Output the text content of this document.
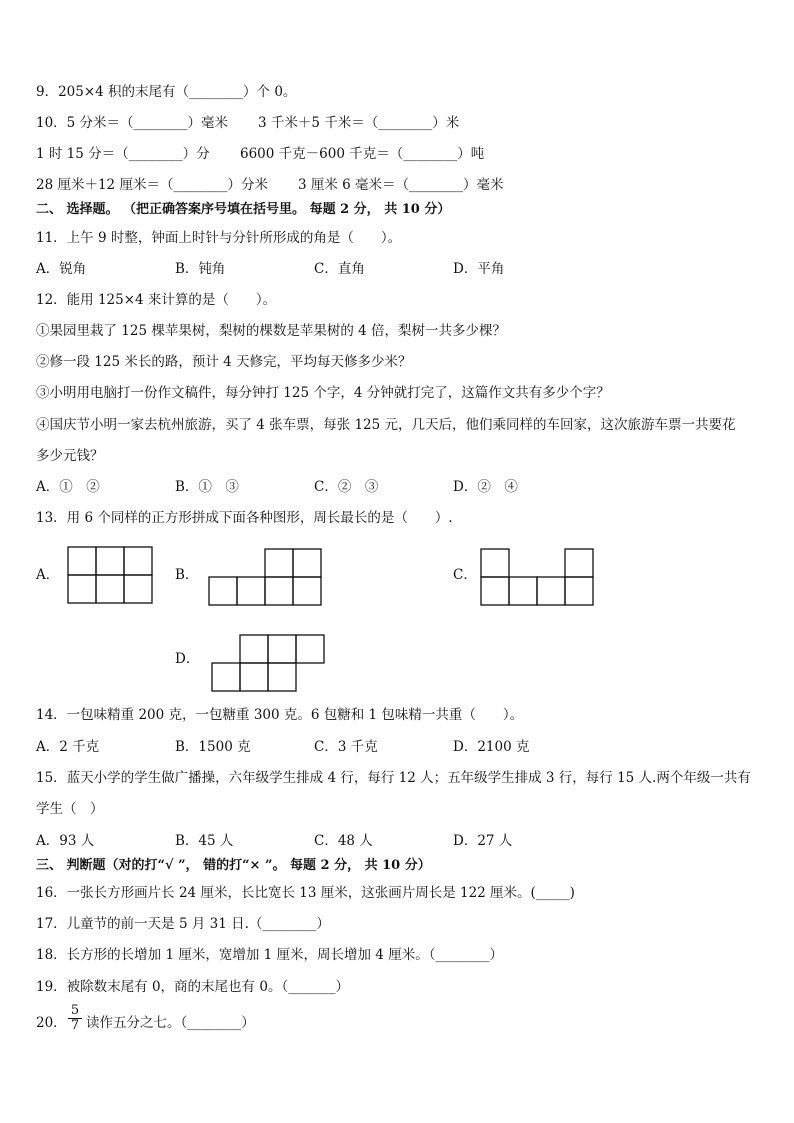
9．205×4 积的末尾有（________）个 0。
10．5 分米＝（________）毫米 3 千米＋5 千米＝（________）米
1 时 15 分＝（________）分 6600 千克－600 千克＝（________）吨
28 厘米＋12 厘米＝（________）分米 3 厘米 6 毫米＝（________）毫米
二、 选择题。 （把正确答案序号填在括号里。 每题 2 分， 共 10 分）
11．上午 9 时整，钟面上时针与分针所形成的角是（　　）。
A．锐角	B．钝角	C．直角	D．平角
12．能用 125×4 来计算的是（　　）。
①果园里栽了 125 棵苹果树，梨树的棵数是苹果树的 4 倍，梨树一共多少棵？
②修一段 125 米长的路，预计 4 天修完，平均每天修多少米？
③小明用电脑打一份作文稿件，每分钟打 125 个字，4 分钟就打完了，这篇作文共有多少个字？
④国庆节小明一家去杭州旅游，买了 4 张车票，每张 125 元，几天后，他们乘同样的车回家，这次旅游车票一共要花
多少元钱？
A．①　②	B．①　③	C．②　③	D．②　④
13．用 6 个同样的正方形拼成下面各种图形，周长最长的是（　　）.
A．	B．	C．
D．
14．一包味精重 200 克，一包糖重 300 克。6 包糖和 1 包味精一共重（　　）。
A．2 千克	B．1500 克	C．3 千克	D．2100 克
15．蓝天小学的学生做广播操，六年级学生排成 4 行，每行 12 人；五年级学生排成 3 行，每行 15 人.两个年级一共有
学生（　）
A．93 人	B．45 人	C．48 人	D．27 人
三、 判断题（对的打“√ ”， 错的打“× ”。 每题 2 分， 共 10 分）
16．一张长方形画片长 24 厘米，长比宽长 13 厘米，这张画片周长是 122 厘米。(_____)
17．儿童节的前一天是 5 月 31 日.（________）
18．长方形的长增加 1 厘米，宽增加 1 厘米，周长增加 4 厘米。（________）
19．被除数末尾有 0，商的末尾也有 0。（_______）
20． $\frac{5}{7}$ 读作五分之七。（________）
